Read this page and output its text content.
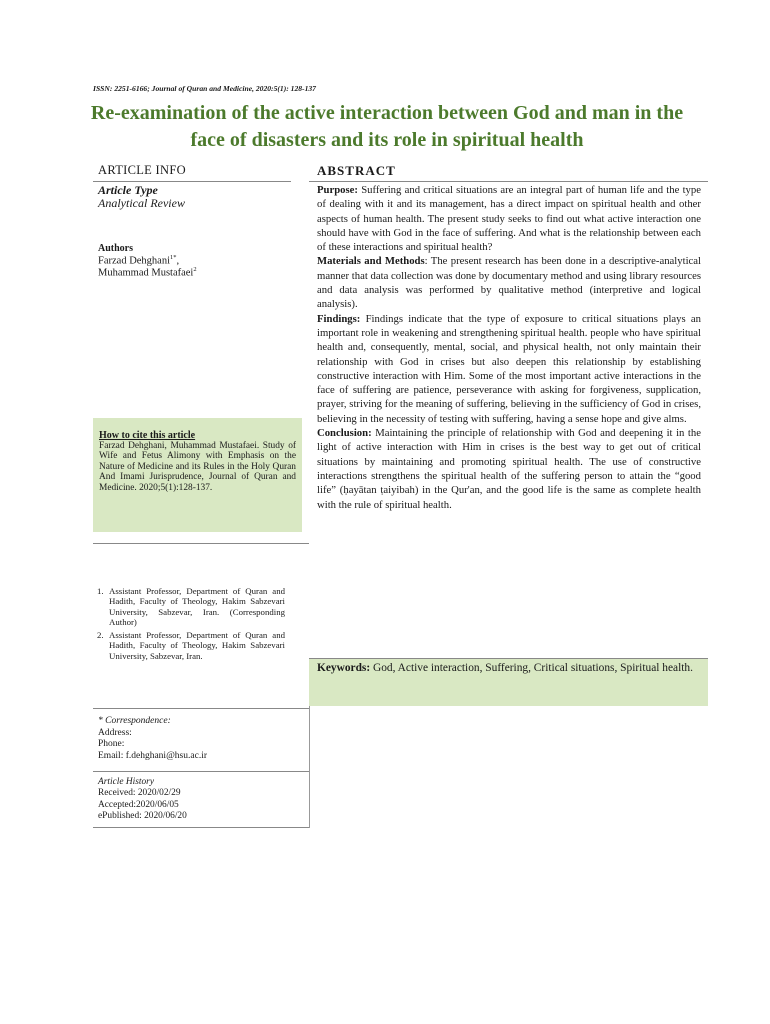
ISSN: 2251-6166; Journal of Quran and Medicine, 2020:5(1): 128-137
Re-examination of the active interaction between God and man in the face of disasters and its role in spiritual health
ARTICLE INFO
Article Type
Analytical Review
Authors
Farzad Dehghani$^{1*}$,
Muhammad Mustafaei$^2$
How to cite this article
Farzad Dehghani, Muhammad Mustafaei. Study of Wife and Fetus Alimony with Emphasis on the Nature of Medicine and its Rules in the Holy Quran And Imami Jurisprudence, Journal of Quran and Medicine. 2020;5(1):128-137.
1. Assistant Professor, Department of Quran and Hadith, Faculty of Theology, Hakim Sabzevari University, Sabzevar, Iran. (Corresponding Author)
2. Assistant Professor, Department of Quran and Hadith, Faculty of Theology, Hakim Sabzevari University, Sabzevar, Iran.
* Correspondence:
Address:
Phone:
Email: f.dehghani@hsu.ac.ir
Article History
Received: 2020/02/29
Accepted:2020/06/05
ePublished: 2020/06/20
ABSTRACT

Purpose: Suffering and critical situations are an integral part of human life and the type of dealing with it and its management, has a direct impact on spiritual health and other aspects of human health. The present study seeks to find out what active interaction one should have with God in the face of suffering. And what is the relationship between each of these interactions and spiritual health?

Materials and Methods: The present research has been done in a descriptive-analytical manner that data collection was done by documentary method and using library resources and data analysis was performed by qualitative method (interpretive and logical analysis).

Findings: Findings indicate that the type of exposure to critical situations plays an important role in weakening and strengthening spiritual health. people who have spiritual health and, consequently, mental, social, and physical health, not only maintain their relationship with God in crises but also deepen this relationship by establishing constructive interaction with Him. Some of the most important active interactions in the face of suffering are patience, perseverance with asking for forgiveness, supplication, prayer, striving for the meaning of suffering, believing in the sufficiency of God in crises, believing in the necessity of testing with suffering, having a sense hope and give alms.

Conclusion: Maintaining the principle of relationship with God and deepening it in the light of active interaction with Him in crises is the best way to get out of critical situations by maintaining and promoting spiritual health. The use of constructive interactions strengthens the spiritual health of the suffering person to attain the “good life” (ḥayātan ṭaiyibah) in the Qur'an, and the good life is the same as complete health with the rule of spiritual health.

Keywords: God, Active interaction, Suffering, Critical situations, Spiritual health.
